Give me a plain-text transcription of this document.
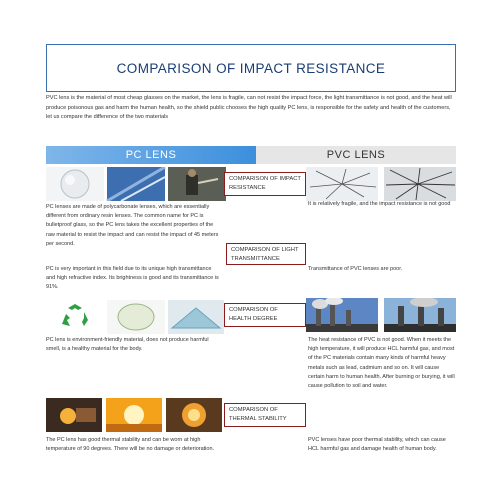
COMPARISON OF IMPACT RESISTANCE
PVC lens is the material of most cheap glasses on the market, the lens is fragile, can not resist the impact force, the light transmittance is not good, and the heat will produce poisonous gas and harm the human health, so the shield public chooses the high quality PC lens, is responsible for the safety and health of the customers, let us compare the difference of the two materials
PC LENS	PVC LENS
COMPARISON OF IMPACT RESISTANCE
PC lenses are made of polycarbonate lenses, which are essentially different from ordinary resin lenses. The common name for PC is bulletproof glass, so the PC lens takes the excellent properties of the raw material to resist the impact and can resist the impact of 45 meters per second.
It is relatively fragile, and the impact resistance is not good
COMPARISON OF LIGHT TRANSMITTANCE
PC is very important in this field due to its unique high transmittance and high refractive index. Its brightness is good and its transmittance is 91%.
Transmittance of PVC lenses are poor.
COMPARISON OF HEALTH DEGREE
PC lens is environment-friendly material, does not produce harmful smell, is a healthy material for the body.
The heat resistance of PVC is not good. When it meets the high temperature, it will produce HCL harmful gas, and most of the PC materials contain many kinds of harmful heavy metals such as lead, cadmium and so on. It will cause certain harm to human health. After burning or burying, it will cause pollution to soil and water.
COMPARISON OF THERMAL STABILITY
The PC lens has good thermal stability and can be worn at high temperature of 90 degrees. There will be no damage or deterioration.
PVC lenses have poor thermal stability, which can cause HCL harmful gas and damage health of human body.
